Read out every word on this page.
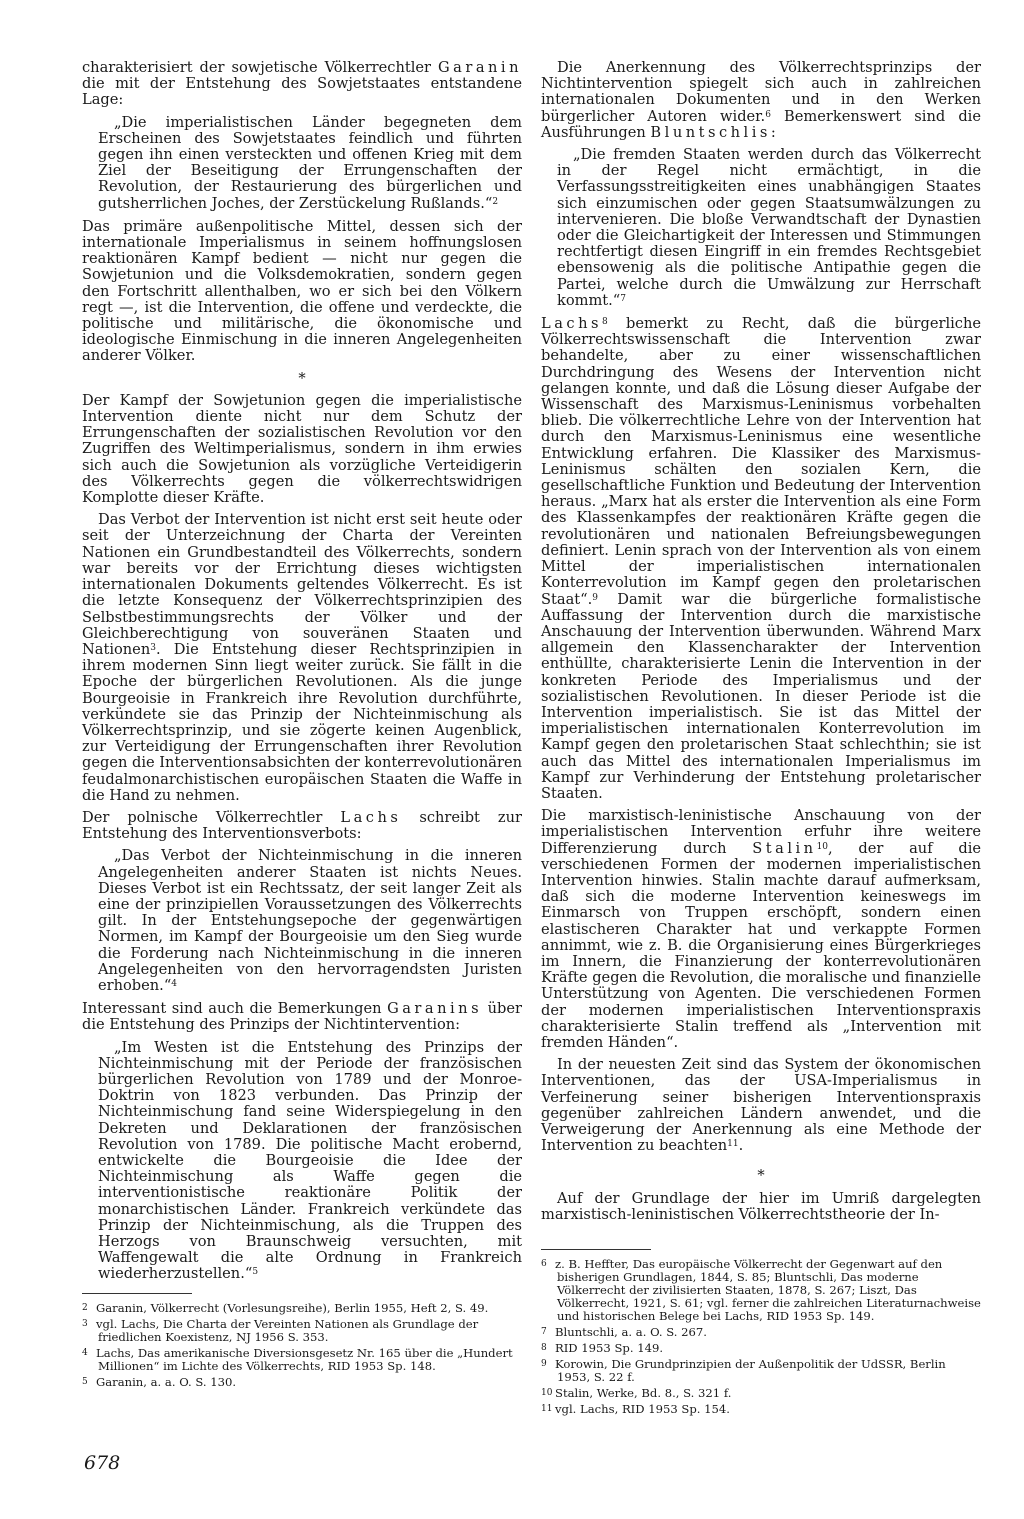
charakterisiert der sowjetische Völkerrechtler Garanin die mit der Entstehung des Sowjetstaates entstandene Lage:

„Die imperialistischen Länder begegneten dem Erscheinen des Sowjetstaates feindlich und führten gegen ihn einen versteckten und offenen Krieg mit dem Ziel der Beseitigung der Errungenschaften der Revolution, der Restaurierung des bürgerlichen und gutsherrlichen Joches, der Zerstückelung Rußlands.“$^2$

Das primäre außenpolitische Mittel, dessen sich der internationale Imperialismus in seinem hoffnungslosen reaktionären Kampf bedient — nicht nur gegen die Sowjetunion und die Volksdemokratien, sondern gegen den Fortschritt allenthalben, wo er sich bei den Völkern regt —, ist die Intervention, die offene und verdeckte, die politische und militärische, die ökonomische und ideologische Einmischung in die inneren Angelegenheiten anderer Völker.

*

Der Kampf der Sowjetunion gegen die imperialistische Intervention diente nicht nur dem Schutz der Errungenschaften der sozialistischen Revolution vor den Zugriffen des Weltimperialismus, sondern in ihm erwies sich auch die Sowjetunion als vorzügliche Verteidigerin des Völkerrechts gegen die völkerrechtswidrigen Komplotte dieser Kräfte.

Das Verbot der Intervention ist nicht erst seit heute oder seit der Unterzeichnung der Charta der Vereinten Nationen ein Grundbestandteil des Völkerrechts, sondern war bereits vor der Errichtung dieses wichtigsten internationalen Dokuments geltendes Völkerrecht. Es ist die letzte Konsequenz der Völkerrechtsprinzipien des Selbstbestimmungsrechts der Völker und der Gleichberechtigung von souveränen Staaten und Nationen$^3$. Die Entstehung dieser Rechtsprinzipien in ihrem modernen Sinn liegt weiter zurück. Sie fällt in die Epoche der bürgerlichen Revolutionen. Als die junge Bourgeoisie in Frankreich ihre Revolution durchführte, verkündete sie das Prinzip der Nichteinmischung als Völkerrechtsprinzip, und sie zögerte keinen Augenblick, zur Verteidigung der Errungenschaften ihrer Revolution gegen die Interventionsabsichten der konterrevolutionären feudalmonarchistischen europäischen Staaten die Waffe in die Hand zu nehmen.

Der polnische Völkerrechtler Lachs schreibt zur Entstehung des Interventionsverbots:

„Das Verbot der Nichteinmischung in die inneren Angelegenheiten anderer Staaten ist nichts Neues. Dieses Verbot ist ein Rechtssatz, der seit langer Zeit als eine der prinzipiellen Voraussetzungen des Völkerrechts gilt. In der Entstehungsepoche der gegenwärtigen Normen, im Kampf der Bourgeoisie um den Sieg wurde die Forderung nach Nichteinmischung in die inneren Angelegenheiten von den hervorragendsten Juristen erhoben.“$^4$

Interessant sind auch die Bemerkungen Garanins über die Entstehung des Prinzips der Nichtintervention:

„Im Westen ist die Entstehung des Prinzips der Nichteinmischung mit der Periode der französischen bürgerlichen Revolution von 1789 und der Monroe-Doktrin von 1823 verbunden. Das Prinzip der Nichteinmischung fand seine Widerspiegelung in den Dekreten und Deklarationen der französischen Revolution von 1789. Die politische Macht erobernd, entwickelte die Bourgeoisie die Idee der Nichteinmischung als Waffe gegen die interventionistische reaktionäre Politik der monarchistischen Länder. Frankreich verkündete das Prinzip der Nichteinmischung, als die Truppen des Herzogs von Braunschweig versuchten, mit Waffengewalt die alte Ordnung in Frankreich wiederherzustellen.“$^5$

2 Garanin, Völkerrecht (Vorlesungsreihe), Berlin 1955, Heft 2, S. 49.

3 vgl. Lachs, Die Charta der Vereinten Nationen als Grundlage der friedlichen Koexistenz, NJ 1956 S. 353.

4 Lachs, Das amerikanische Diversionsgesetz Nr. 165 über die „Hundert Millionen“ im Lichte des Völkerrechts, RID 1953 Sp. 148.

5 Garanin, a. a. O. S. 130.

Die Anerkennung des Völkerrechtsprinzips der Nichtintervention spiegelt sich auch in zahlreichen internationalen Dokumenten und in den Werken bürgerlicher Autoren wider.$^6$ Bemerkenswert sind die Ausführungen Bluntschlis:

„Die fremden Staaten werden durch das Völkerrecht in der Regel nicht ermächtigt, in die Verfassungsstreitigkeiten eines unabhängigen Staates sich einzumischen oder gegen Staatsumwälzungen zu intervenieren. Die bloße Verwandtschaft der Dynastien oder die Gleichartigkeit der Interessen und Stimmungen rechtfertigt diesen Eingriff in ein fremdes Rechtsgebiet ebensowenig als die politische Antipathie gegen die Partei, welche durch die Umwälzung zur Herrschaft kommt.“$^7$

Lachs$^8$ bemerkt zu Recht, daß die bürgerliche Völkerrechtswissenschaft die Intervention zwar behandelte, aber zu einer wissenschaftlichen Durchdringung des Wesens der Intervention nicht gelangen konnte, und daß die Lösung dieser Aufgabe der Wissenschaft des Marxismus-Leninismus vorbehalten blieb. Die völkerrechtliche Lehre von der Intervention hat durch den Marxismus-Leninismus eine wesentliche Entwicklung erfahren. Die Klassiker des Marxismus-Leninismus schälten den sozialen Kern, die gesellschaftliche Funktion und Bedeutung der Intervention heraus. „Marx hat als erster die Intervention als eine Form des Klassenkampfes der reaktionären Kräfte gegen die revolutionären und nationalen Befreiungsbewegungen definiert. Lenin sprach von der Intervention als von einem Mittel der imperialistischen internationalen Konterrevolution im Kampf gegen den proletarischen Staat“.$^9$ Damit war die bürgerliche formalistische Auffassung der Intervention durch die marxistische Anschauung der Intervention überwunden. Während Marx allgemein den Klassencharakter der Intervention enthüllte, charakterisierte Lenin die Intervention in der konkreten Periode des Imperialismus und der sozialistischen Revolutionen. In dieser Periode ist die Intervention imperialistisch. Sie ist das Mittel der imperialistischen internationalen Konterrevolution im Kampf gegen den proletarischen Staat schlechthin; sie ist auch das Mittel des internationalen Imperialismus im Kampf zur Verhinderung der Entstehung proletarischer Staaten.

Die marxistisch-leninistische Anschauung von der imperialistischen Intervention erfuhr ihre weitere Differenzierung durch Stalin$^{10}$, der auf die verschiedenen Formen der modernen imperialistischen Intervention hinwies. Stalin machte darauf aufmerksam, daß sich die moderne Intervention keineswegs im Einmarsch von Truppen erschöpft, sondern einen elastischeren Charakter hat und verkappte Formen annimmt, wie z. B. die Organisierung eines Bürgerkrieges im Innern, die Finanzierung der konterrevolutionären Kräfte gegen die Revolution, die moralische und finanzielle Unterstützung von Agenten. Die verschiedenen Formen der modernen imperialistischen Interventionspraxis charakterisierte Stalin treffend als „Intervention mit fremden Händen“.

In der neuesten Zeit sind das System der ökonomischen Interventionen, das der USA-Imperialismus in Verfeinerung seiner bisherigen Interventionspraxis gegenüber zahlreichen Ländern anwendet, und die Verweigerung der Anerkennung als eine Methode der Intervention zu beachten$^{11}$.

*

Auf der Grundlage der hier im Umriß dargelegten marxistisch-leninistischen Völkerrechtstheorie der In-

6 z. B. Heffter, Das europäische Völkerrecht der Gegenwart auf den bisherigen Grundlagen, 1844, S. 85; Bluntschli, Das moderne Völkerrecht der zivilisierten Staaten, 1878, S. 267; Liszt, Das Völkerrecht, 1921, S. 61; vgl. ferner die zahlreichen Literaturnachweise und historischen Belege bei Lachs, RID 1953 Sp. 149.

7 Bluntschli, a. a. O. S. 267.

8 RID 1953 Sp. 149.

9 Korowin, Die Grundprinzipien der Außenpolitik der UdSSR, Berlin 1953, S. 22 f.

10 Stalin, Werke, Bd. 8., S. 321 f.

11 vgl. Lachs, RID 1953 Sp. 154.

678
